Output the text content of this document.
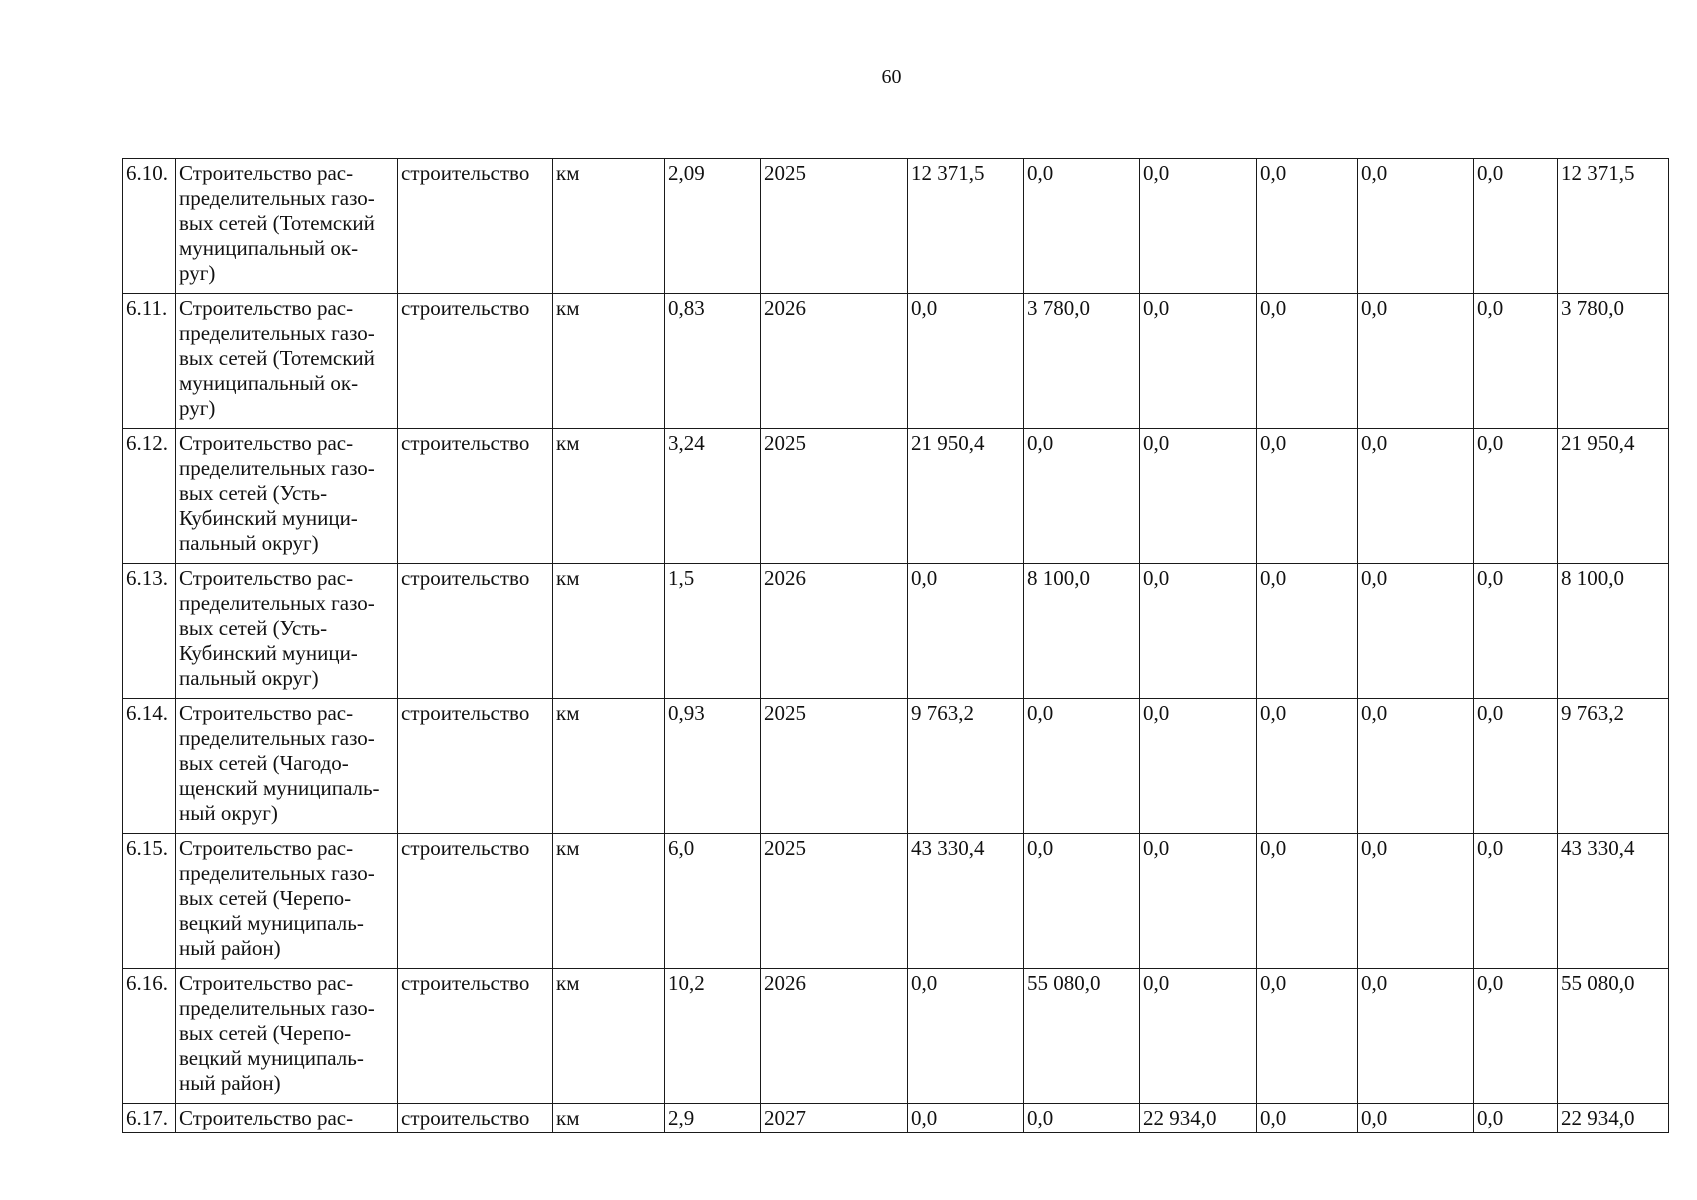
60
6.10.	Строительство рас-
пределительных газо-
вых сетей (Тотемский
муниципальный ок-
руг)	строительство	км	2,09	2025	12 371,5	0,0	0,0	0,0	0,0	0,0	12 371,5
6.11.	Строительство рас-
пределительных газо-
вых сетей (Тотемский
муниципальный ок-
руг)	строительство	км	0,83	2026	0,0	3 780,0	0,0	0,0	0,0	0,0	3 780,0
6.12.	Строительство рас-
пределительных газо-
вых сетей (Усть-
Кубинский муници-
пальный округ)	строительство	км	3,24	2025	21 950,4	0,0	0,0	0,0	0,0	0,0	21 950,4
6.13.	Строительство рас-
пределительных газо-
вых сетей (Усть-
Кубинский муници-
пальный округ)	строительство	км	1,5	2026	0,0	8 100,0	0,0	0,0	0,0	0,0	8 100,0
6.14.	Строительство рас-
пределительных газо-
вых сетей (Чагодо-
щенский муниципаль-
ный округ)	строительство	км	0,93	2025	9 763,2	0,0	0,0	0,0	0,0	0,0	9 763,2
6.15.	Строительство рас-
пределительных газо-
вых сетей (Черепо-
вецкий муниципаль-
ный район)	строительство	км	6,0	2025	43 330,4	0,0	0,0	0,0	0,0	0,0	43 330,4
6.16.	Строительство рас-
пределительных газо-
вых сетей (Черепо-
вецкий муниципаль-
ный район)	строительство	км	10,2	2026	0,0	55 080,0	0,0	0,0	0,0	0,0	55 080,0
6.17.	Строительство рас-	строительство	км	2,9	2027	0,0	0,0	22 934,0	0,0	0,0	0,0	22 934,0
